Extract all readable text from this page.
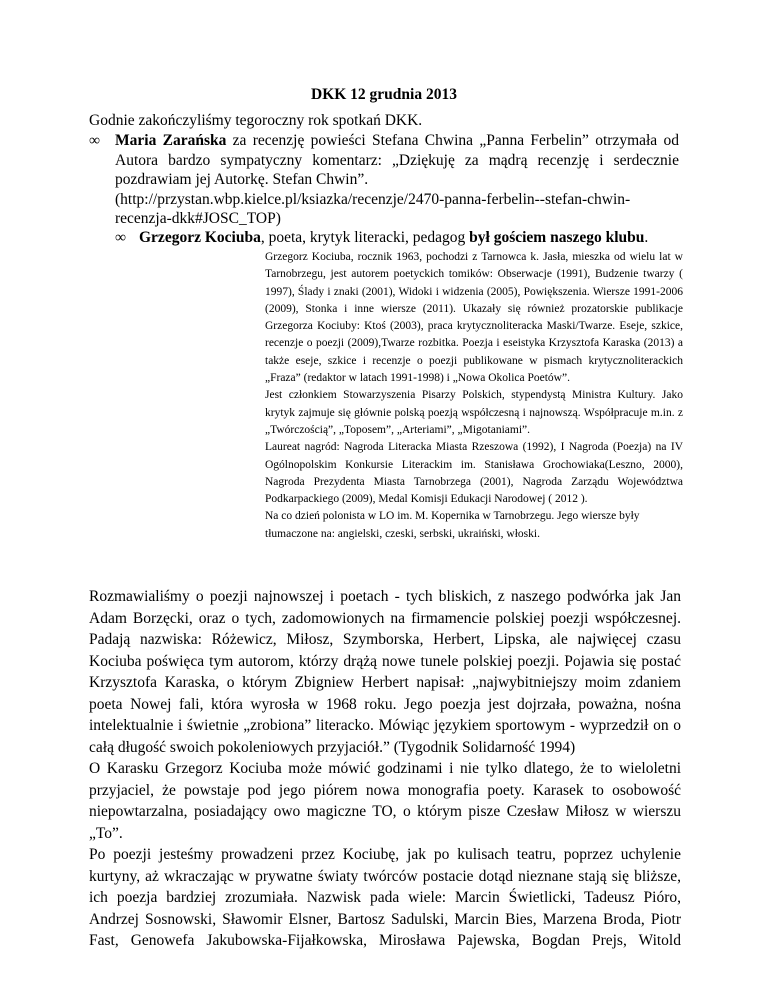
DKK 12 grudnia 2013
Godnie zakończyliśmy tegoroczny rok spotkań DKK.
∞ Maria Zarańska za recenzję powieści Stefana Chwina „Panna Ferbelin” otrzymała od Autora bardzo sympatyczny komentarz: „Dziękuję za mądrą recenzję i serdecznie pozdrawiam jej Autorkę. Stefan Chwin”.
(http://przystan.wbp.kielce.pl/ksiazka/recenzje/2470-panna-ferbelin--stefan-chwin-
recenzja-dkk#JOSC_TOP)
∞ Grzegorz Kociuba, poeta, krytyk literacki, pedagog był gościem naszego klubu.

Grzegorz Kociuba, rocznik 1963, pochodzi z Tarnowca k. Jasła, mieszka od wielu lat w Tarnobrzegu, jest autorem poetyckich tomików: Obserwacje (1991), Budzenie twarzy ( 1997), Ślady i znaki (2001), Widoki i widzenia (2005), Powiększenia. Wiersze 1991-2006 (2009), Stonka i inne wiersze (2011). Ukazały się również prozatorskie publikacje Grzegorza Kociuby: Ktoś (2003), praca krytycznoliteracka Maski/Twarze. Eseje, szkice, recenzje o poezji (2009),Twarze rozbitka. Poezja i eseistyka Krzysztofa Karaska (2013) a także eseje, szkice i recenzje o poezji publikowane w pismach krytycznoliterackich „Fraza” (redaktor w latach 1991-1998) i „Nowa Okolica Poetów”.

Jest członkiem Stowarzyszenia Pisarzy Polskich, stypendystą Ministra Kultury. Jako krytyk zajmuje się głównie polską poezją współczesną i najnowszą. Współpracuje m.in. z „Twórczością”, „Toposem”, „Arteriami”, „Migotaniami”.

Laureat nagród: Nagroda Literacka Miasta Rzeszowa (1992), I Nagroda (Poezja) na IV Ogólnopolskim Konkursie Literackim im. Stanisława Grochowiaka(Leszno, 2000), Nagroda Prezydenta Miasta Tarnobrzega (2001), Nagroda Zarządu Województwa Podkarpackiego (2009), Medal Komisji Edukacji Narodowej ( 2012 ).

Na co dzień polonista w LO im. M. Kopernika w Tarnobrzegu. Jego wiersze były tłumaczone na: angielski, czeski, serbski, ukraiński, włoski.

Rozmawialiśmy o poezji najnowszej i poetach - tych bliskich, z naszego podwórka jak Jan Adam Borzęcki, oraz o tych, zadomowionych na firmamencie polskiej poezji współczesnej. Padają nazwiska: Różewicz, Miłosz, Szymborska, Herbert, Lipska, ale najwięcej czasu Kociuba poświęca tym autorom, którzy drążą nowe tunele polskiej poezji. Pojawia się postać Krzysztofa Karaska, o którym Zbigniew Herbert napisał: „najwybitniejszy moim zdaniem poeta Nowej fali, która wyrosła w 1968 roku. Jego poezja jest dojrzała, poważna, nośna intelektualnie i świetnie „zrobiona” literacko. Mówiąc językiem sportowym - wyprzedził on o całą długość swoich pokoleniowych przyjaciół.” (Tygodnik Solidarność 1994)

O Karasku Grzegorz Kociuba może mówić godzinami i nie tylko dlatego, że to wieloletni przyjaciel, że powstaje pod jego piórem nowa monografia poety. Karasek to osobowość niepowtarzalna, posiadający owo magiczne TO, o którym pisze Czesław Miłosz w wierszu „To”.

Po poezji jesteśmy prowadzeni przez Kociubę, jak po kulisach teatru, poprzez uchylenie kurtyny, aż wkraczając w prywatne światy twórców postacie dotąd nieznane stają się bliższe, ich poezja bardziej zrozumiała. Nazwisk pada wiele: Marcin Świetlicki, Tadeusz Pióro, Andrzej Sosnowski, Sławomir Elsner, Bartosz Sadulski, Marcin Bies, Marzena Broda, Piotr Fast, Genowefa Jakubowska-Fijałkowska, Mirosława Pajewska, Bogdan Prejs, Witold
